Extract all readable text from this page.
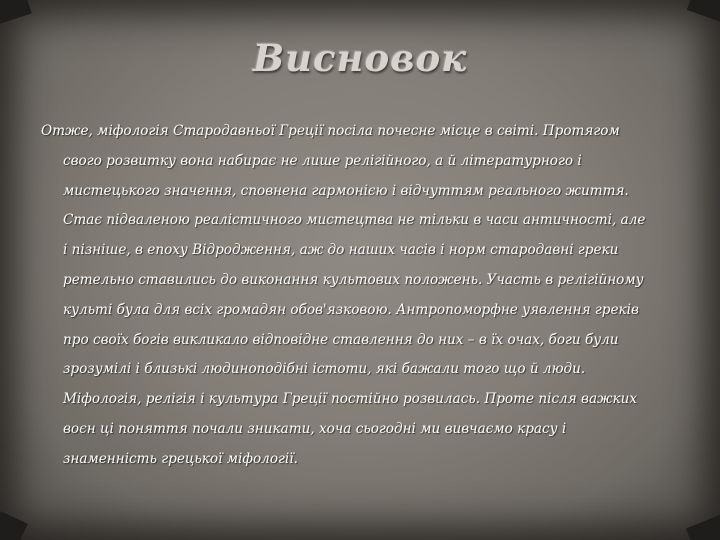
Висновок

Отже, міфологія Стародавньої Греції посіла почесне місце в світі. Протягом
свого розвитку вона набирає не лише релігійного, а й літературного і
мистецького значення, сповнена гармонією і відчуттям реального життя.
Стає підваленою реалістичного мистецтва не тільки в часи античності, але
і пізніше, в епоху Відродження, аж до наших часів і норм стародавні греки
ретельно ставились до виконання культових положень. Участь в релігійному
культі була для всіх громадян обов'язковою. Антропоморфне уявлення греків
про своїх богів викликало відповідне ставлення до них – в їх очах, боги були
зрозумілі і близькі людиноподібні істоти, які бажали того що й люди.
Міфологія, релігія і культура Греції постійно розвилась. Проте після важких
воєн ці поняття почали зникати, хоча сьогодні ми вивчаємо красу і
знаменність грецької міфології.
